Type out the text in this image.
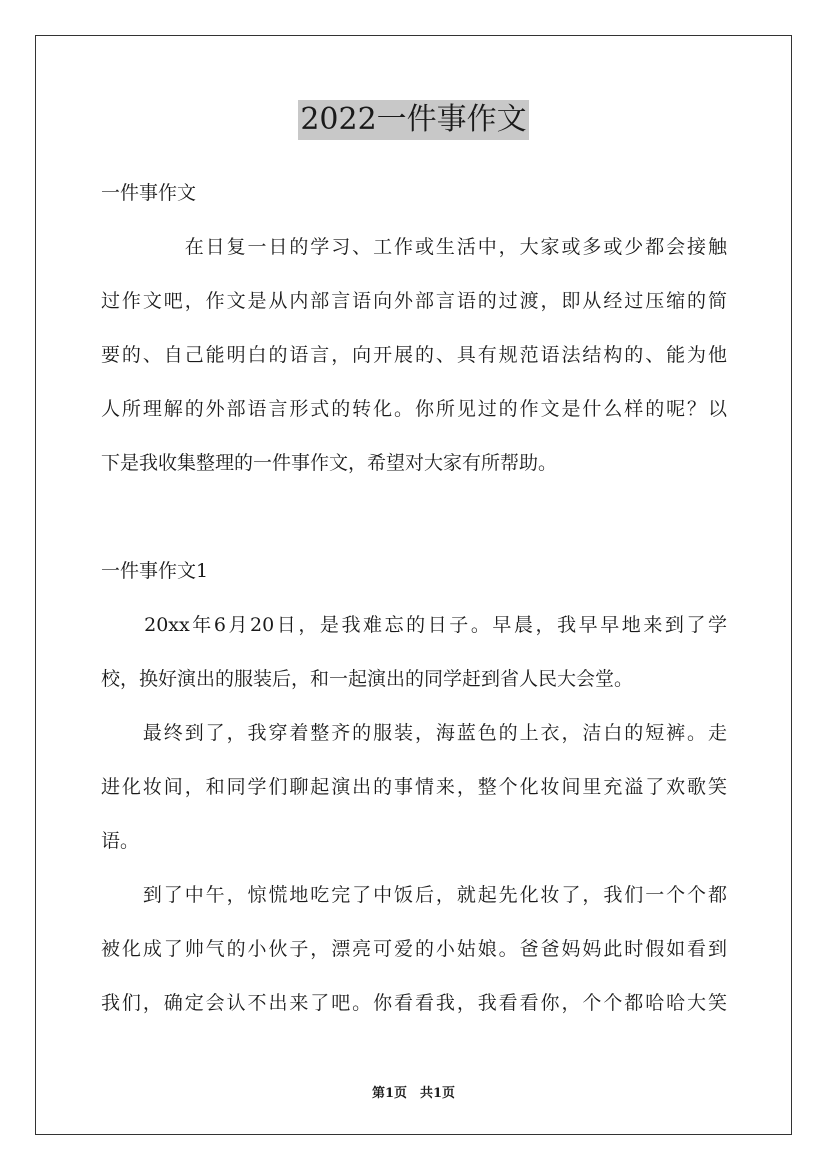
2022一件事作文
一件事作文
　　　　在日复一日的学习、工作或生活中，大家或多或少都会接触
过作文吧，作文是从内部言语向外部言语的过渡，即从经过压缩的简
要的、自己能明白的语言，向开展的、具有规范语法结构的、能为他
人所理解的外部语言形式的转化。你所见过的作文是什么样的呢？以
下是我收集整理的一件事作文，希望对大家有所帮助。
一件事作文1
　　20xx年6月20日，是我难忘的日子。早晨，我早早地来到了学
校，换好演出的服装后，和一起演出的同学赶到省人民大会堂。
　　最终到了，我穿着整齐的服装，海蓝色的上衣，洁白的短裤。走
进化妆间，和同学们聊起演出的事情来，整个化妆间里充溢了欢歌笑
语。
　　到了中午，惊慌地吃完了中饭后，就起先化妆了，我们一个个都
被化成了帅气的小伙子，漂亮可爱的小姑娘。爸爸妈妈此时假如看到
我们，确定会认不出来了吧。你看看我，我看看你，个个都哈哈大笑
第1页　共1页
